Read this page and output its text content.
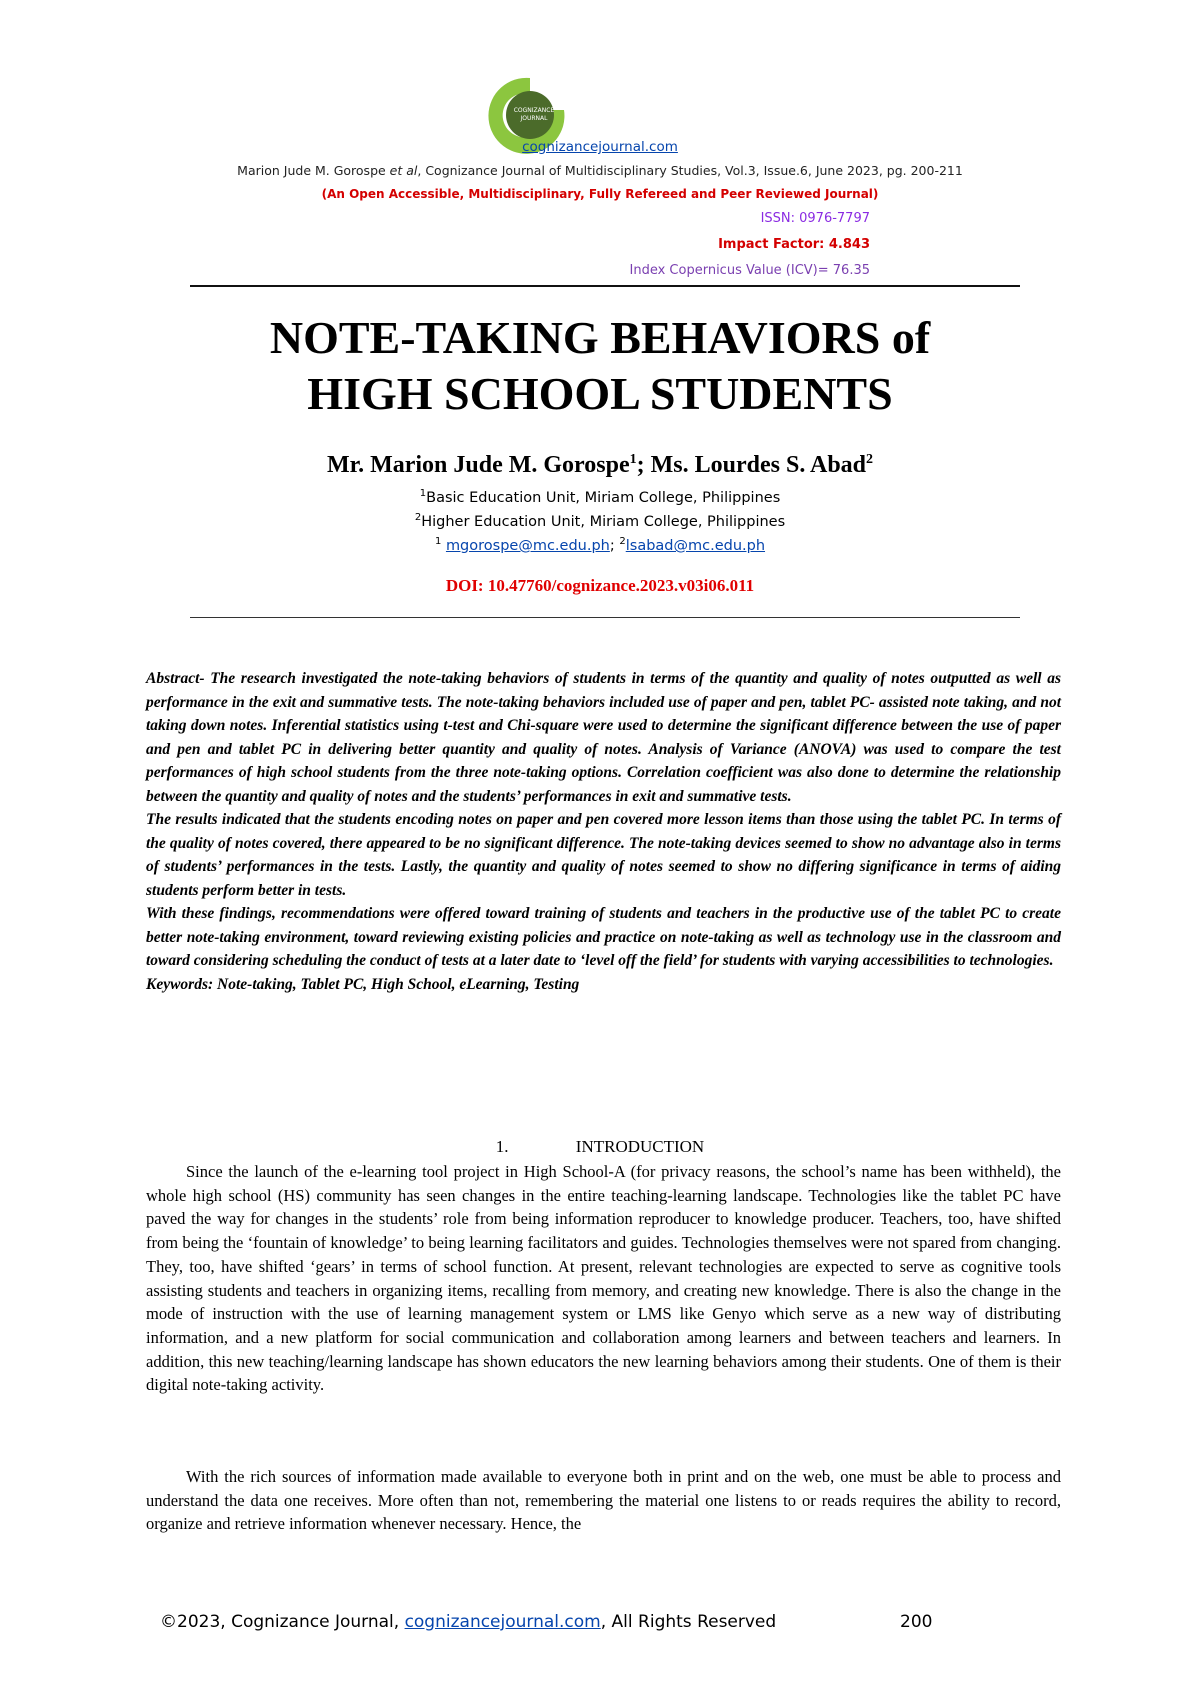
COGNIZANCE
JOURNAL
cognizancejournal.com
Marion Jude M. Gorospe et al, Cognizance Journal of Multidisciplinary Studies, Vol.3, Issue.6, June 2023, pg. 200-211
(An Open Accessible, Multidisciplinary, Fully Refereed and Peer Reviewed Journal)
ISSN: 0976-7797
Impact Factor: 4.843
Index Copernicus Value (ICV)= 76.35
NOTE-TAKING BEHAVIORS of
HIGH SCHOOL STUDENTS
Mr. Marion Jude M. Gorospe$^1$; Ms. Lourdes S. Abad$^2$
$^1$Basic Education Unit, Miriam College, Philippines
$^2$Higher Education Unit, Miriam College, Philippines
$^1$ mgorospe@mc.edu.ph; $^2$lsabad@mc.edu.ph
DOI: 10.47760/cognizance.2023.v03i06.011

Abstract- The research investigated the note-taking behaviors of students in terms of the quantity and quality of notes outputted as well as performance in the exit and summative tests. The note-taking behaviors included use of paper and pen, tablet PC- assisted note taking, and not taking down notes. Inferential statistics using t-test and Chi-square were used to determine the significant difference between the use of paper and pen and tablet PC in delivering better quantity and quality of notes. Analysis of Variance (ANOVA) was used to compare the test performances of high school students from the three note-taking options. Correlation coefficient was also done to determine the relationship between the quantity and quality of notes and the students’ performances in exit and summative tests.

The results indicated that the students encoding notes on paper and pen covered more lesson items than those using the tablet PC. In terms of the quality of notes covered, there appeared to be no significant difference. The note-taking devices seemed to show no advantage also in terms of students’ performances in the tests. Lastly, the quantity and quality of notes seemed to show no differing significance in terms of aiding students perform better in tests.

With these findings, recommendations were offered toward training of students and teachers in the productive use of the tablet PC to create better note-taking environment, toward reviewing existing policies and practice on note-taking as well as technology use in the classroom and toward considering scheduling the conduct of tests at a later date to ‘level off the field’ for students with varying accessibilities to technologies.

Keywords: Note-taking, Tablet PC, High School, eLearning, Testing

1.	INTRODUCTION

Since the launch of the e-learning tool project in High School-A (for privacy reasons, the school’s name has been withheld), the whole high school (HS) community has seen changes in the entire teaching-learning landscape. Technologies like the tablet PC have paved the way for changes in the students’ role from being information reproducer to knowledge producer. Teachers, too, have shifted from being the ‘fountain of knowledge’ to being learning facilitators and guides. Technologies themselves were not spared from changing. They, too, have shifted ‘gears’ in terms of school function. At present, relevant technologies are expected to serve as cognitive tools assisting students and teachers in organizing items, recalling from memory, and creating new knowledge. There is also the change in the mode of instruction with the use of learning management system or LMS like Genyo which serve as a new way of distributing information, and a new platform for social communication and collaboration among learners and between teachers and learners. In addition, this new teaching/learning landscape has shown educators the new learning behaviors among their students. One of them is their digital note-taking activity.

With the rich sources of information made available to everyone both in print and on the web, one must be able to process and understand the data one receives. More often than not, remembering the material one listens to or reads requires the ability to record, organize and retrieve information whenever necessary. Hence, the

©2023, Cognizance Journal, cognizancejournal.com, All Rights Reserved	200
